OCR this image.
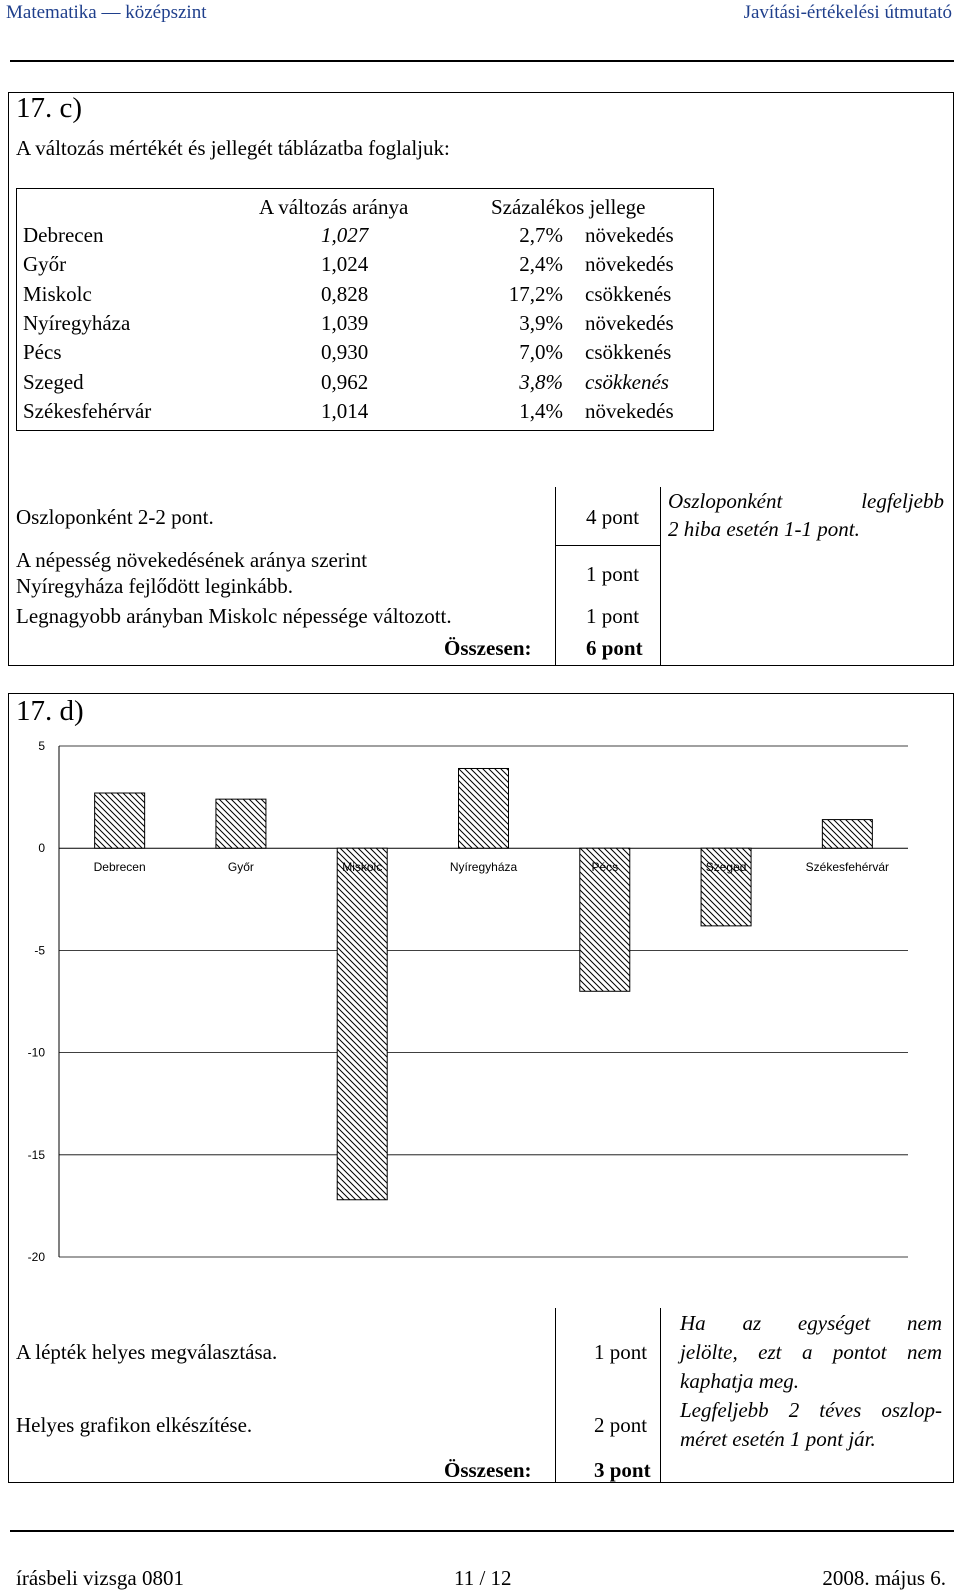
Matematika — középszint	Javítási-értékelési útmutató
17. c)
A változás mértékét és jellegét táblázatba foglaljuk:
A változás aránya	Százalékos jellege
Debrecen	1,027	2,7% növekedés
Győr	1,024	2,4% növekedés
Miskolc	0,828	17,2% csökkenés
Nyíregyháza	1,039	3,9% növekedés
Pécs	0,930	7,0% csökkenés
Szeged	0,962	3,8% csökkenés
Székesfehérvár	1,014	1,4% növekedés
Oszloponként 2-2 pont.	4 pont
A népesség növekedésének aránya szerint
Nyíregyháza fejlődött leginkább.	1 pont
Legnagyobb arányban Miskolc népessége változott.	1 pont
Összesen:	6 pont
Oszloponként legfeljebb
2 hiba esetén 1-1 pont.
17. d)
5
0
-5
-10
-15
-20
Debrecen	Győr	Miskolc	Nyíregyháza	Pécs	Szeged	Székesfehérvár
A lépték helyes megválasztása.	1 pont
Helyes grafikon elkészítése.	2 pont
Összesen:	3 pont
Ha az egységet nem
jelölte, ezt a pontot nem
kaphatja meg.
Legfeljebb 2 téves oszlop-
méret esetén 1 pont jár.
írásbeli vizsga 0801	11 / 12	2008. május 6.
